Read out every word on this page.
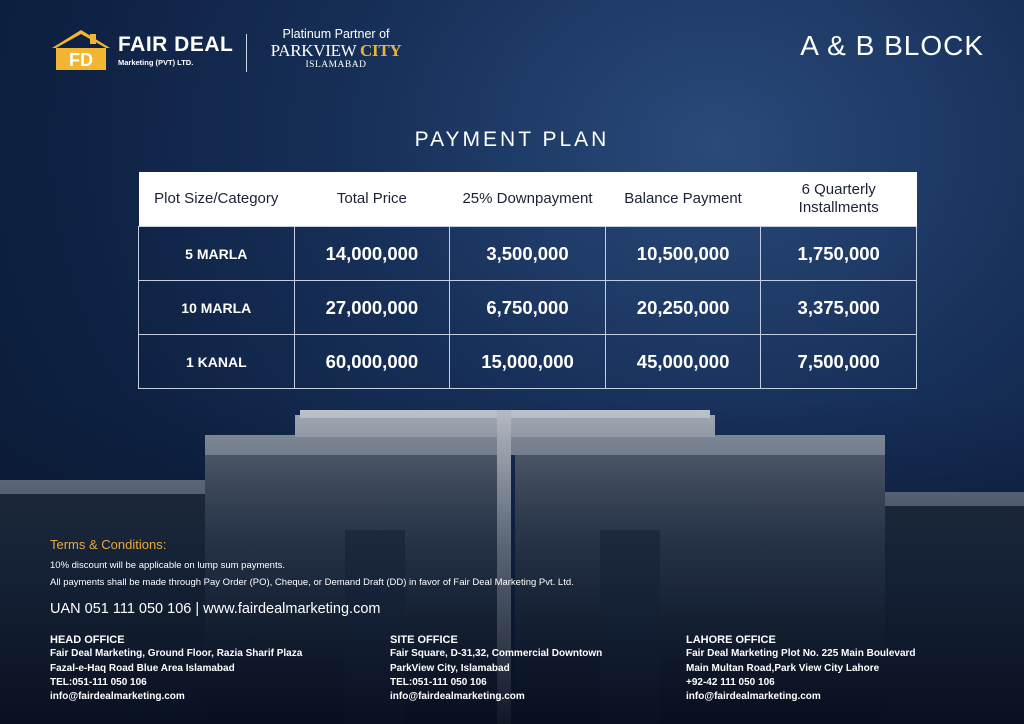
FD
FAIR DEAL
Marketing (PVT) LTD.
Platinum Partner of
PARKVIEW CITY
ISLAMABAD
A & B BLOCK
PAYMENT PLAN
Plot Size/Category	Total Price	25% Downpayment	Balance Payment	6 Quarterly Installments
5 MARLA	14,000,000	3,500,000	10,500,000	1,750,000
10 MARLA	27,000,000	6,750,000	20,250,000	3,375,000
1 KANAL	60,000,000	15,000,000	45,000,000	7,500,000
Terms & Conditions:
10% discount will be applicable on lump sum payments.
All payments shall be made through Pay Order (PO), Cheque, or Demand Draft (DD) in favor of Fair Deal Marketing Pvt. Ltd.
UAN 051 111 050 106 | www.fairdealmarketing.com
HEAD OFFICE
Fair Deal Marketing, Ground Floor, Razia Sharif Plaza
Fazal-e-Haq Road Blue Area Islamabad
TEL:051-111 050 106
info@fairdealmarketing.com
SITE OFFICE
Fair Square, D-31,32, Commercial Downtown
ParkView City, Islamabad
TEL:051-111 050 106
info@fairdealmarketing.com
LAHORE OFFICE
Fair Deal Marketing Plot No. 225 Main Boulevard
Main Multan Road,Park View City Lahore
+92-42 111 050 106
info@fairdealmarketing.com
